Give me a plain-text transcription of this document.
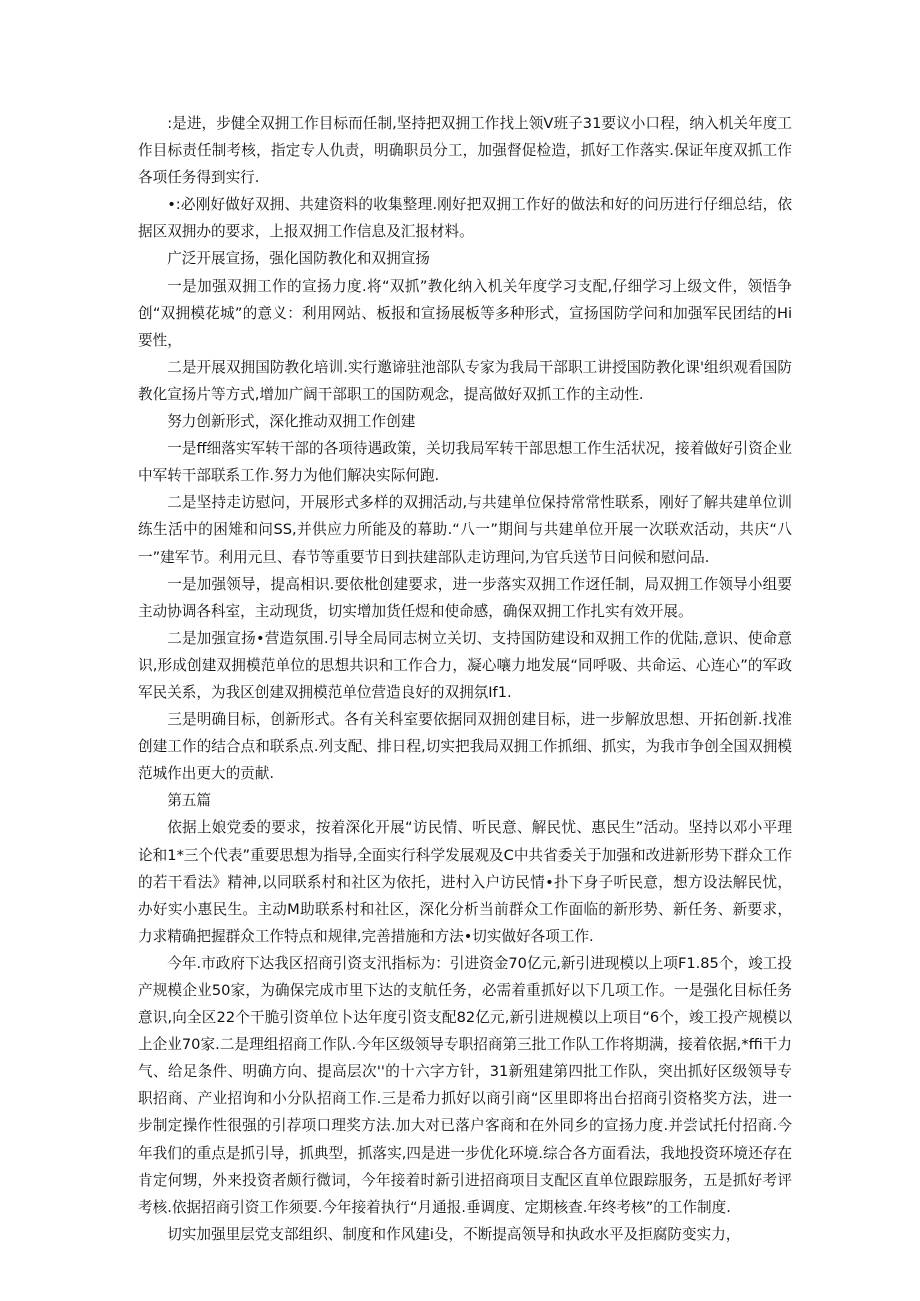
:是进，步健全双拥工作目标而任制,坚持把双拥工作找上领V班子31要议小口程，纳入机关年度工作目标责任制考核，指定专人仇责，明确职员分工，加强督促检造，抓好工作落实.保证年度双抓工作各项任务得到实行.

•:必刚好做好双拥、共建资料的收集整理.刚好把双拥工作好的做法和好的问历进行仔细总结，依据区双拥办的要求，上报双拥工作信息及汇报材料。

广泛开展宣扬，强化国防教化和双拥宣扬

一是加强双拥工作的宣扬力度.将“双抓”教化纳入机关年度学习支配,仔细学习上级文件，领悟争创“双拥模花城”的意义：利用网站、板报和宣扬展板等多种形式，宣扬国防学问和加强军民团结的Hi要性，

二是开展双拥国防教化培训.实行邀谛驻池部队专家为我局干部职工讲授国防教化课'组织观看国防教化宣扬片等方式,增加广阔干部职工的国防观念，提高做好双抓工作的主动性.

努力创新形式，深化推动双拥工作创建

一是ff细落实军转干部的各项待遇政策，关切我局军转干部思想工作生活状况，接着做好引资企业中军转干部联系工作.努力为他们解决实际何跑.

二是坚持走访慰问，开展形式多样的双拥活动,与共建单位保持常常性联系，刚好了解共建单位训练生活中的困雉和问SS,并供应力所能及的幕助.“八一”期间与共建单位开展一次联欢活动，共庆“八一”建军节。利用元旦、春节等重要节日到扶建部队走访理问,为官兵送节日问候和慰问品.

一是加强领导，提高相识.要依枇创建要求，进一步落实双拥工作迓任制，局双拥工作领导小组要主动协调各科室，主动现货，切实增加货任煜和使命感，确保双拥工作扎实有效开展。

二是加强宣扬•营造氛围.引导全局同志树立关切、支持国防建设和双拥工作的优陆,意识、使命意识,形成创建双拥模范单位的思想共识和工作合力，凝心嚷力地发展“同呼吸、共命运、心连心”的军政军民关系，为我区创建双拥模范单位营造良好的双拥氛If1.

三是明确目标，创新形式。各有关科室要依据同双拥创建目标，进一步解放思想、开拓创新.找准创建工作的结合点和联系点.列支配、排日程,切实把我局双拥工作抓细、抓实，为我市争创全国双拥模范城作出更大的贡献.

第五篇

依据上娘党委的要求，按着深化开展“访民情、听民意、解民忧、惠民生”活动。坚持以邓小平理论和1*三个代表”重要思想为指导,全面实行科学发展观及C中共省委关于加强和改进新形势下群众工作的若干看法》精神,以同联系村和社区为依托，进村入户访民情•扑下身子听民意，想方设法解民忧，办好实小惠民生。主动M助联系村和社区，深化分析当前群众工作面临的新形势、新任务、新要求，力求精确把握群众工作特点和规律,完善措施和方法•切实做好各项工作.

今年.市政府下达我区招商引资支汛指标为：引进资金70亿元,新引进现模以上项F1.85个，竣工投产规模企业50家，为确保完成市里下达的支航任务，必需着重抓好以下几项工作。一是强化目标任务意识,向全区22个干脆引资单位卜达年度引资支配82亿元,新引进规模以上项目“6个，竣工投产规模以上企业70家.二是理组招商工作队.今年区级领导专职招商第三批工作队工作将期满，接着依据,*ffi干力气、给足条件、明确方向、提高层次''的十六字方针，31新殂建第四批工作队，突出抓好区级领导专职招商、产业招询和小分队招商工作.三是希力抓好以商引商“区里即将出台招商引资格奖方法，进一步制定操作性很强的引荐项口理奖方法.加大对已落户客商和在外同乡的宣扬力度.并尝试托付招商.今年我们的重点是抓引导，抓典型，抓落实,四是进一步优化环境.综合各方面看法，我地投资环境还存在肯定何甥，外来投资者颇行微词，今年接着时新引进招商项目支配区直单位跟踪服务，五是抓好考评考核.依据招商引资工作须要.今年接着执行“月通报.垂调度、定期核查.年终考核”的工作制度.

切实加强里层党支部组织、制度和作风建i殳，不断提高领导和执政水平及拒腐防变实力，
